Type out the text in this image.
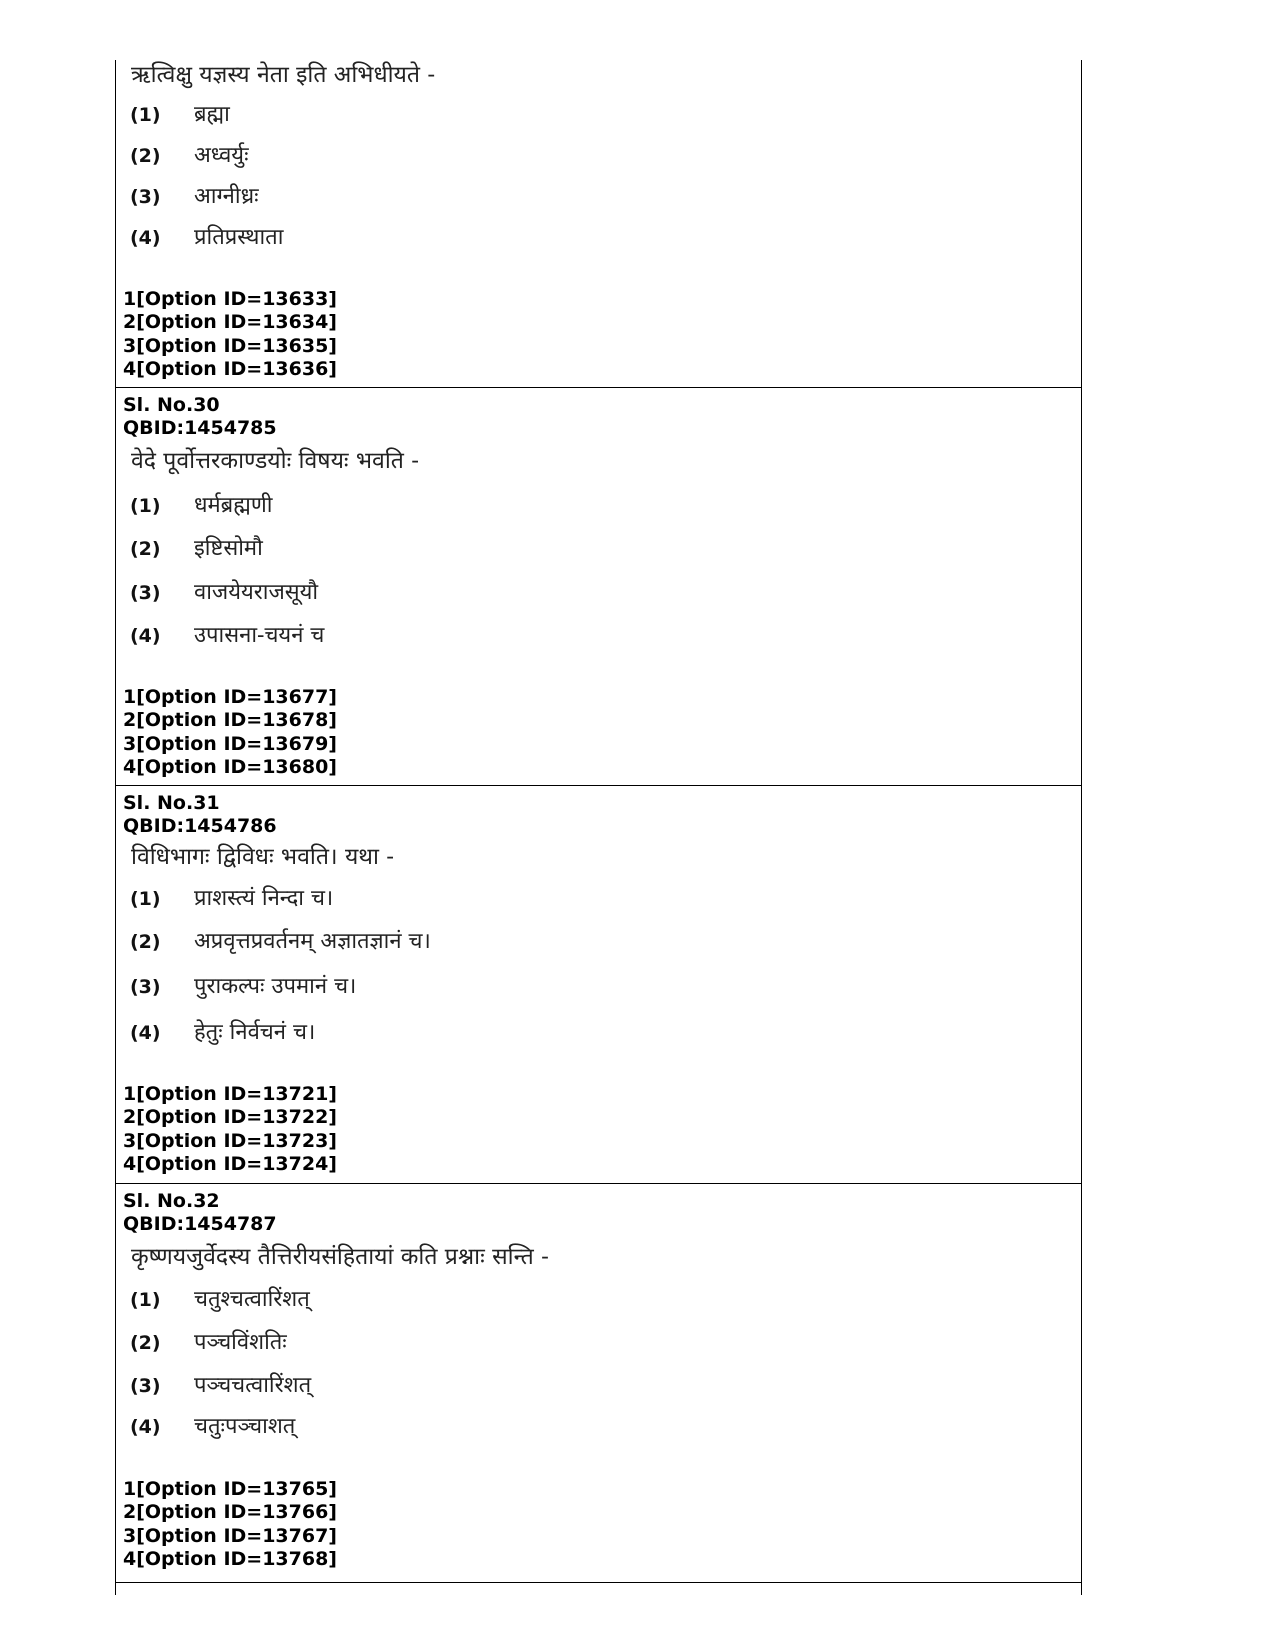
ऋत्विक्षु यज्ञस्य नेता इति अभिधीयते -
(1) ब्रह्मा
(2) अध्वर्युः
(3) आग्नीध्रः
(4) प्रतिप्रस्थाता
1[Option ID=13633]
2[Option ID=13634]
3[Option ID=13635]
4[Option ID=13636]
Sl. No.30
QBID:1454785
वेदे पूर्वोत्तरकाण्डयोः विषयः भवति -
(1) धर्मब्रह्मणी
(2) इष्टिसोमौ
(3) वाजयेयराजसूयौ
(4) उपासना-चयनं च
1[Option ID=13677]
2[Option ID=13678]
3[Option ID=13679]
4[Option ID=13680]
Sl. No.31
QBID:1454786
विधिभागः द्विविधः भवति। यथा -
(1) प्राशस्त्यं निन्दा च।
(2) अप्रवृत्तप्रवर्तनम् अज्ञातज्ञानं च।
(3) पुराकल्पः उपमानं च।
(4) हेतुः निर्वचनं च।
1[Option ID=13721]
2[Option ID=13722]
3[Option ID=13723]
4[Option ID=13724]
Sl. No.32
QBID:1454787
कृष्णयजुर्वेदस्य तैत्तिरीयसंहितायां कति प्रश्नाः सन्ति -
(1) चतुश्चत्वारिंशत्
(2) पञ्चविंशतिः
(3) पञ्चचत्वारिंशत्
(4) चतुःपञ्चाशत्
1[Option ID=13765]
2[Option ID=13766]
3[Option ID=13767]
4[Option ID=13768]
